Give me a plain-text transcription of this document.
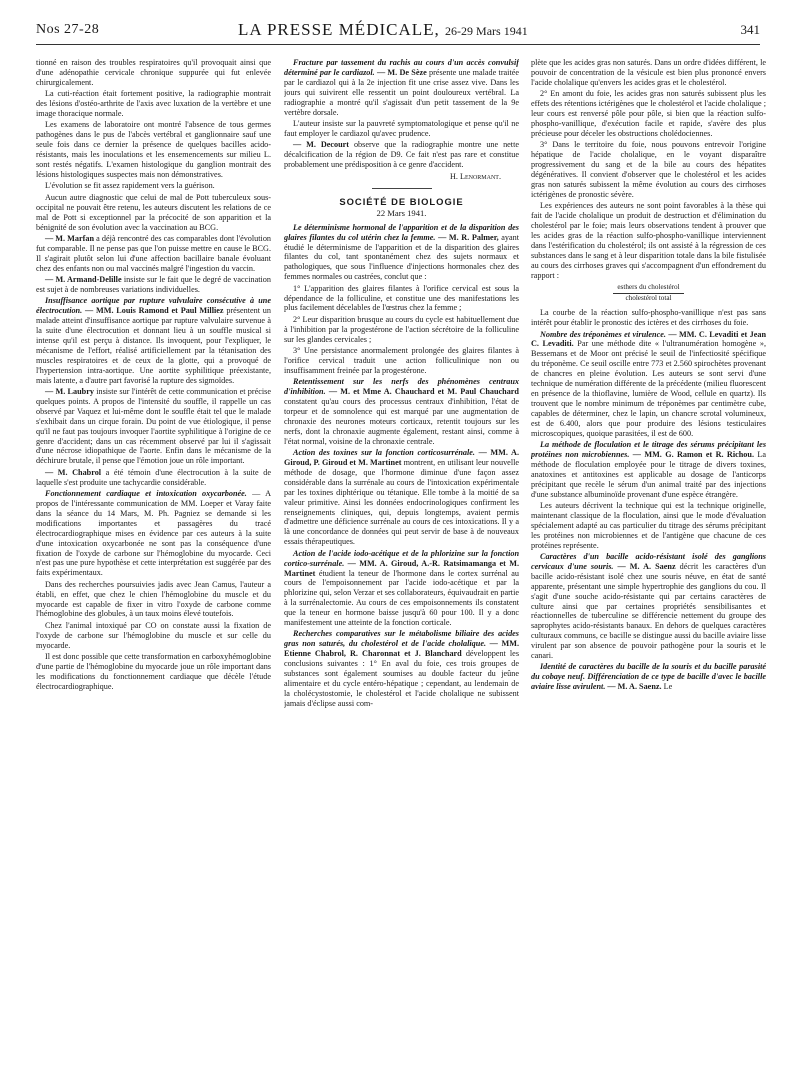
Nos 27-28	LA PRESSE MÉDICALE, 26-29 Mars 1941	341

tionné en raison des troubles respiratoires qu'il provoquait ainsi que d'une adénopathie cervicale chronique suppurée qui fut enlevée chirurgicalement.

La cuti-réaction était fortement positive, la radiographie montrait des lésions d'ostéo-arthrite de l'axis avec luxation de la vertèbre et une image thoracique normale.

Les examens de laboratoire ont montré l'absence de tous germes pathogènes dans le pus de l'abcès vertébral et ganglionnaire sauf une seule fois dans ce dernier la présence de quelques bacilles acido-résistants, mais les inoculations et les ensemencements sur milieu L. sont restés négatifs. L'examen histologique du ganglion montrait des lésions histologiques suspectes mais non démonstratives.

L'évolution se fit assez rapidement vers la guérison.

Aucun autre diagnostic que celui de mal de Pott tuberculeux sous-occipital ne pouvait être retenu, les auteurs discutent les relations de ce mal de Pott si exceptionnel par la précocité de son apparition et la bénignité de son évolution avec la vaccination au BCG.

— M. Marfan a déjà rencontré des cas comparables dont l'évolution fut comparable. Il ne pense pas que l'on puisse mettre en cause le BCG. Il s'agirait plutôt selon lui d'une affection bacillaire banale évoluant chez des enfants non ou mal vaccinés malgré l'ingestion du vaccin.

— M. Armand-Delille insiste sur le fait que le degré de vaccination est sujet à de nombreuses variations individuelles.

Insuffisance aortique par rupture valvulaire consécutive à une électrocution. — MM. Louis Ramond et Paul Milliez présentent un malade atteint d'insuffisance aortique par rupture valvulaire survenue à la suite d'une électrocution et donnant lieu à un souffle musical si intense qu'il est perçu à distance. Ils invoquent, pour l'expliquer, le mécanisme de l'effort, réalisé artificiellement par la tétanisation des muscles respiratoires et de ceux de la glotte, qui a provoqué de l'hypertension intra-aortique. Une aortite syphilitique préexistante, mais latente, a d'autre part favorisé la rupture des sigmoïdes.

— M. Laubry insiste sur l'intérêt de cette communication et précise quelques points. A propos de l'intensité du souffle, il rappelle un cas observé par Vaquez et lui-même dont le souffle était tel que le malade s'exhibait dans un cirque forain. Du point de vue étiologique, il pense qu'il ne faut pas toujours invoquer l'aortite syphilitique à l'origine de ce genre d'accident; dans un cas récemment observé par lui il s'agissait d'une nécrose idiopathique de l'aorte. Enfin dans le mécanisme de la déchirure brutale, il pense que l'émotion joue un rôle important.

— M. Chabrol a été témoin d'une électrocution à la suite de laquelle s'est produite une tachycardie considérable.

Fonctionnement cardiaque et intoxication oxycarbonée. — A propos de l'intéressante communication de MM. Loeper et Varay faite dans la séance du 14 Mars, M. Ph. Pagniez se demande si les modifications importantes et passagères du tracé électrocardiographique mises en évidence par ces auteurs à la suite d'une intoxication oxycarbonée ne sont pas la conséquence d'une fixation de l'oxyde de carbone sur l'hémoglobine du myocarde. Ceci n'est pas une pure hypothèse et cette interprétation est suggérée par des faits expérimentaux.

Dans des recherches poursuivies jadis avec Jean Camus, l'auteur a établi, en effet, que chez le chien l'hémoglobine du muscle et du myocarde est capable de fixer in vitro l'oxyde de carbone comme l'hémoglobine des globules, à un taux moins élevé toutefois.

Chez l'animal intoxiqué par CO on constate aussi la fixation de l'oxyde de carbone sur l'hémoglobine du muscle et sur celle du myocarde.

Il est donc possible que cette transformation en carboxyhémoglobine d'une partie de l'hémoglobine du myocarde joue un rôle important dans les modifications du fonctionnement cardiaque que décèle l'étude électrocardiographique.

Fracture par tassement du rachis au cours d'un accès convulsif déterminé par le cardiazol. — M. De Sèze présente une malade traitée par le cardiazol qui à la 2e injection fit une crise assez vive. Dans les jours qui suivirent elle ressentit un point douloureux vertébral. La radiographie a montré qu'il s'agissait d'un petit tassement de la 9e vertèbre dorsale.

L'auteur insiste sur la pauvreté symptomatologique et pense qu'il ne faut employer le cardiazol qu'avec prudence.

— M. Decourt observe que la radiographie montre une nette décalcification de la région de D9. Ce fait n'est pas rare et constitue probablement une prédisposition à ce genre d'accident.

H. Lenormant.

SOCIÉTÉ DE BIOLOGIE
22 Mars 1941.

Le déterminisme hormonal de l'apparition et de la disparition des glaires filantes du col utérin chez la femme. — M. R. Palmer, ayant étudié le déterminisme de l'apparition et de la disparition des glaires filantes du col, tant spontanément chez des sujets normaux et pathologiques, que sous l'influence d'injections hormonales chez des femmes normales ou castrées, conclut que :

1° L'apparition des glaires filantes à l'orifice cervical est sous la dépendance de la folliculine, et constitue une des manifestations les plus facilement décelables de l'œstrus chez la femme ;

2° Leur disparition brusque au cours du cycle est habituellement due à l'inhibition par la progestérone de l'action sécrétoire de la folliculine sur les glandes cervicales ;

3° Une persistance anormalement prolongée des glaires filantes à l'orifice cervical traduit une action folliculinique non ou insuffisamment freinée par la progestérone.

Retentissement sur les nerfs des phénomènes centraux d'inhibition. — M. et Mme A. Chauchard et M. Paul Chauchard constatent qu'au cours des processus centraux d'inhibition, l'état de torpeur et de somnolence qui est marqué par une augmentation de chronaxie des neurones moteurs corticaux, retentit toujours sur les nerfs, dont la chronaxie augmente également, restant ainsi, comme à l'état normal, voisine de la chronaxie centrale.

Action des toxines sur la fonction corticosurrénale. — MM. A. Giroud, P. Giroud et M. Martinet montrent, en utilisant leur nouvelle méthode de dosage, que l'hormone diminue d'une façon assez considérable dans la surrénale au cours de l'intoxication expérimentale par les toxines diphtérique ou tétanique. Elle tombe à la moitié de sa valeur primitive. Ainsi les données endocrinologiques confirment les renseignements cliniques, qui, depuis longtemps, avaient permis d'admettre une déficience surrénale au cours de ces intoxications. Il y a là une concordance de données qui peut servir de base à de nouveaux essais thérapeutiques.

Action de l'acide iodo-acétique et de la phlorizine sur la fonction cortico-surrénale. — MM. A. Giroud, A.-R. Ratsimamanga et M. Martinet étudient la teneur de l'hormone dans le cortex surrénal au cours de l'empoisonnement par l'acide iodo-acétique et par la phlorizine qui, selon Verzar et ses collaborateurs, équivaudrait en partie à la surrénalectomie. Au cours de ces empoisonnements ils constatent que la teneur en hormone baisse jusqu'à 60 pour 100. Il y a donc manifestement une atteinte de la fonction corticale.

Recherches comparatives sur le métabolisme biliaire des acides gras non saturés, du cholestérol et de l'acide cholalique. — MM. Etienne Chabrol, R. Charonnat et J. Blanchard développent les conclusions suivantes : 1° En aval du foie, ces trois groupes de substances sont également soumises au double facteur du jeûne alimentaire et du cycle entéro-hépatique ; cependant, au lendemain de la cholécystostomie, le cholestérol et l'acide cholalique ne subissent jamais d'éclipse aussi com-

plète que les acides gras non saturés. Dans un ordre d'idées différent, le pouvoir de concentration de la vésicule est bien plus prononcé envers l'acide cholalique qu'envers les acides gras et le cholestérol.

2° En amont du foie, les acides gras non saturés subissent plus les effets des rétentions ictérigènes que le cholestérol et l'acide cholalique ; leur cours est renversé pôle pour pôle, si bien que la réaction sulfo-phospho-vanillique, d'exécution facile et rapide, s'avère des plus précieuse pour déceler les obstructions cholédociennes.

3° Dans le territoire du foie, nous pouvons entrevoir l'origine hépatique de l'acide cholalique, en le voyant disparaître progressivement du sang et de la bile au cours des hépatites dégénératives. Il convient d'observer que le cholestérol et les acides gras non saturés subissent la même évolution au cours des cirrhoses ictérigènes de pronostic sévère.

Les expériences des auteurs ne sont point favorables à la thèse qui fait de l'acide cholalique un produit de destruction et d'élimination du cholestérol par le foie; mais leurs observations tendent à prouver que les acides gras de la réaction sulfo-phospho-vanillique interviennent dans l'estérification du cholestérol; ils ont assisté à la régression de ces substances dans le sang et à leur disparition totale dans la bile fistulisée au cours des cirrhoses graves qui s'accompagnent d'un effondrement du rapport :

esthers du cholestérol
cholestérol total

La courbe de la réaction sulfo-phospho-vanillique n'est pas sans intérêt pour établir le pronostic des ictères et des cirrhoses du foie.

Nombre des tréponèmes et virulence. — MM. C. Levaditi et Jean C. Levaditi. Par une méthode dite « l'ultranumération homogène », Bessemans et de Moor ont précisé le seuil de l'infectiosité spécifique du tréponème. Ce seuil oscille entre 773 et 2.560 spirochètes provenant de chancres en pleine évolution. Les auteurs se sont servi d'une technique de numération différente de la précédente (milieu fluorescent en présence de la thioflavine, lumière de Wood, cellule en quartz). Ils trouvent que le nombre minimum de tréponèmes par centimètre cube, capables de déterminer, chez le lapin, un chancre scrotal volumineux, est de 6.400, alors que pour produire des lésions testiculaires microscopiques, quoique parasitées, il est de 600.

La méthode de floculation et le titrage des sérums précipitant les protéines non microbiennes. — MM. G. Ramon et R. Richou. La méthode de floculation employée pour le titrage de divers toxines, anatoxines et antitoxines est applicable au dosage de l'anticorps précipitant que recèle le sérum d'un animal traité par des injections d'une substance albuminoïde provenant d'une espèce étrangère.

Les auteurs décrivent la technique qui est la technique originelle, maintenant classique de la floculation, ainsi que le mode d'évaluation spécialement adapté au cas particulier du titrage des sérums précipitant les protéines non microbiennes et de l'antigène que chacune de ces protéines représente.

Caractères d'un bacille acido-résistant isolé des ganglions cervicaux d'une souris. — M. A. Saenz décrit les caractères d'un bacille acido-résistant isolé chez une souris néuve, en état de santé apparente, présentant une simple hypertrophie des ganglions du cou. Il s'agit d'une souche acido-résistante qui par certains caractères de culture ainsi que par certaines propriétés sensibilisantes et réactionnelles de tuberculine se différencie nettement du groupe des saprophytes acido-résistants banaux. En dehors de quelques caractères culturaux communs, ce bacille se distingue aussi du bacille aviaire lisse virulent par son absence de pouvoir pathogène pour la souris et le canari.

Identité de caractères du bacille de la souris et du bacille parasité du cobaye neuf. Différenciation de ce type de bacille d'avec le bacille aviaire lisse avirulent. — M. A. Saenz. Le
